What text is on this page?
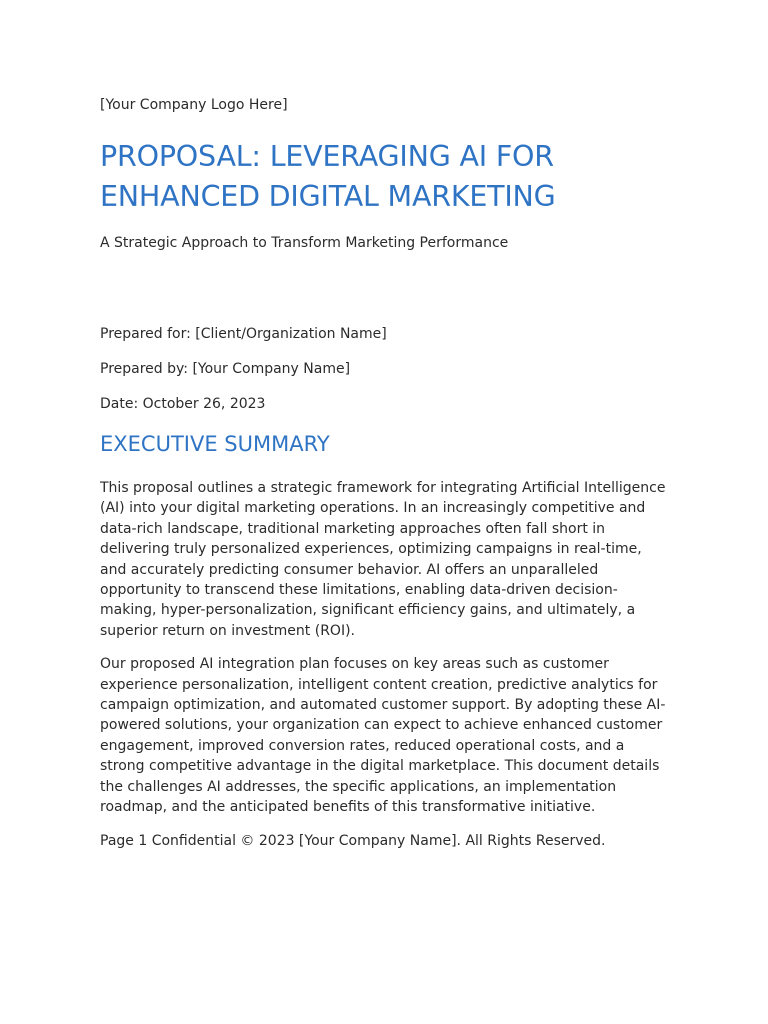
[Your Company Logo Here]

PROPOSAL: LEVERAGING AI FOR ENHANCED DIGITAL MARKETING

A Strategic Approach to Transform Marketing Performance

Prepared for: [Client/Organization Name]

Prepared by: [Your Company Name]

Date: October 26, 2023

EXECUTIVE SUMMARY

This proposal outlines a strategic framework for integrating Artificial Intelligence (AI) into your digital marketing operations. In an increasingly competitive and data-rich landscape, traditional marketing approaches often fall short in delivering truly personalized experiences, optimizing campaigns in real-time, and accurately predicting consumer behavior. AI offers an unparalleled opportunity to transcend these limitations, enabling data-driven decision-making, hyper-personalization, significant efficiency gains, and ultimately, a superior return on investment (ROI).

Our proposed AI integration plan focuses on key areas such as customer experience personalization, intelligent content creation, predictive analytics for campaign optimization, and automated customer support. By adopting these AI-powered solutions, your organization can expect to achieve enhanced customer engagement, improved conversion rates, reduced operational costs, and a strong competitive advantage in the digital marketplace. This document details the challenges AI addresses, the specific applications, an implementation roadmap, and the anticipated benefits of this transformative initiative.

Page 1 Confidential © 2023 [Your Company Name]. All Rights Reserved.
